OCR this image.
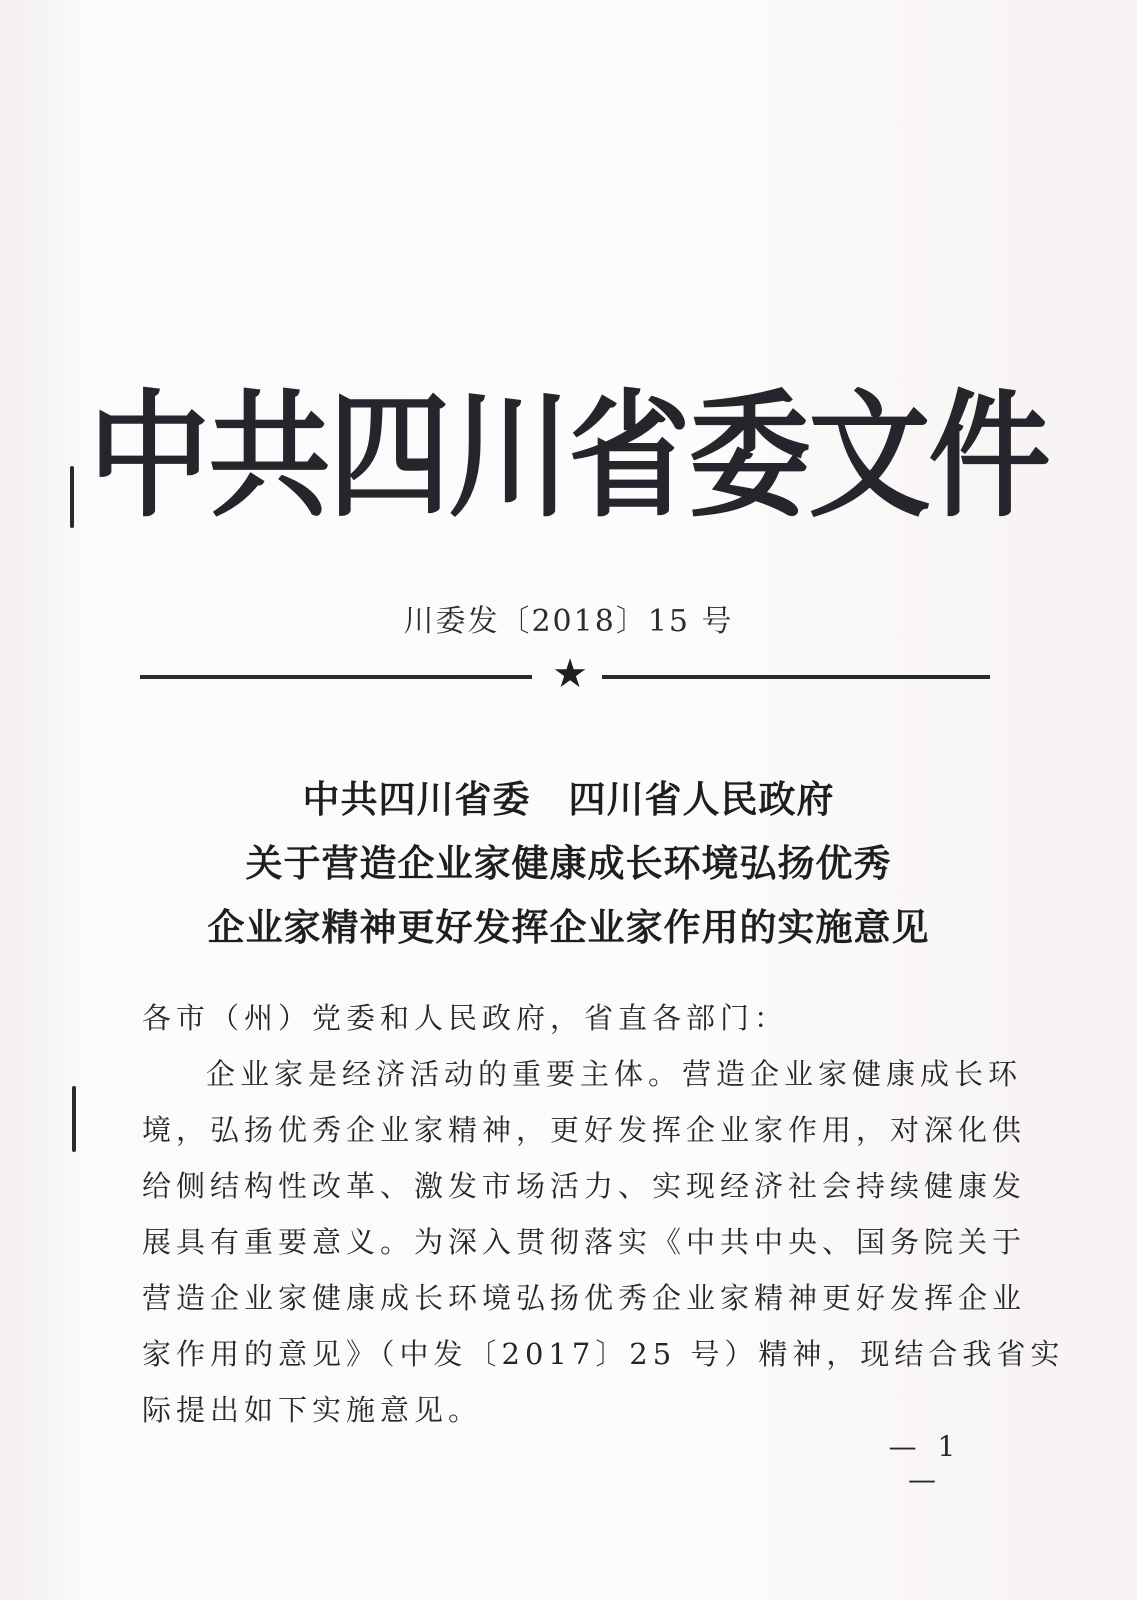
中共四川省委文件
川委发〔2018〕15 号
★
中共四川省委　四川省人民政府
关于营造企业家健康成长环境弘扬优秀
企业家精神更好发挥企业家作用的实施意见

各市（州）党委和人民政府，省直各部门：

企业家是经济活动的重要主体。营造企业家健康成长环

境，弘扬优秀企业家精神，更好发挥企业家作用，对深化供

给侧结构性改革、激发市场活力、实现经济社会持续健康发

展具有重要意义。为深入贯彻落实《中共中央、国务院关于

营造企业家健康成长环境弘扬优秀企业家精神更好发挥企业

家作用的意见》（中发〔2017〕25 号）精神，现结合我省实

际提出如下实施意见。

— 1 —
